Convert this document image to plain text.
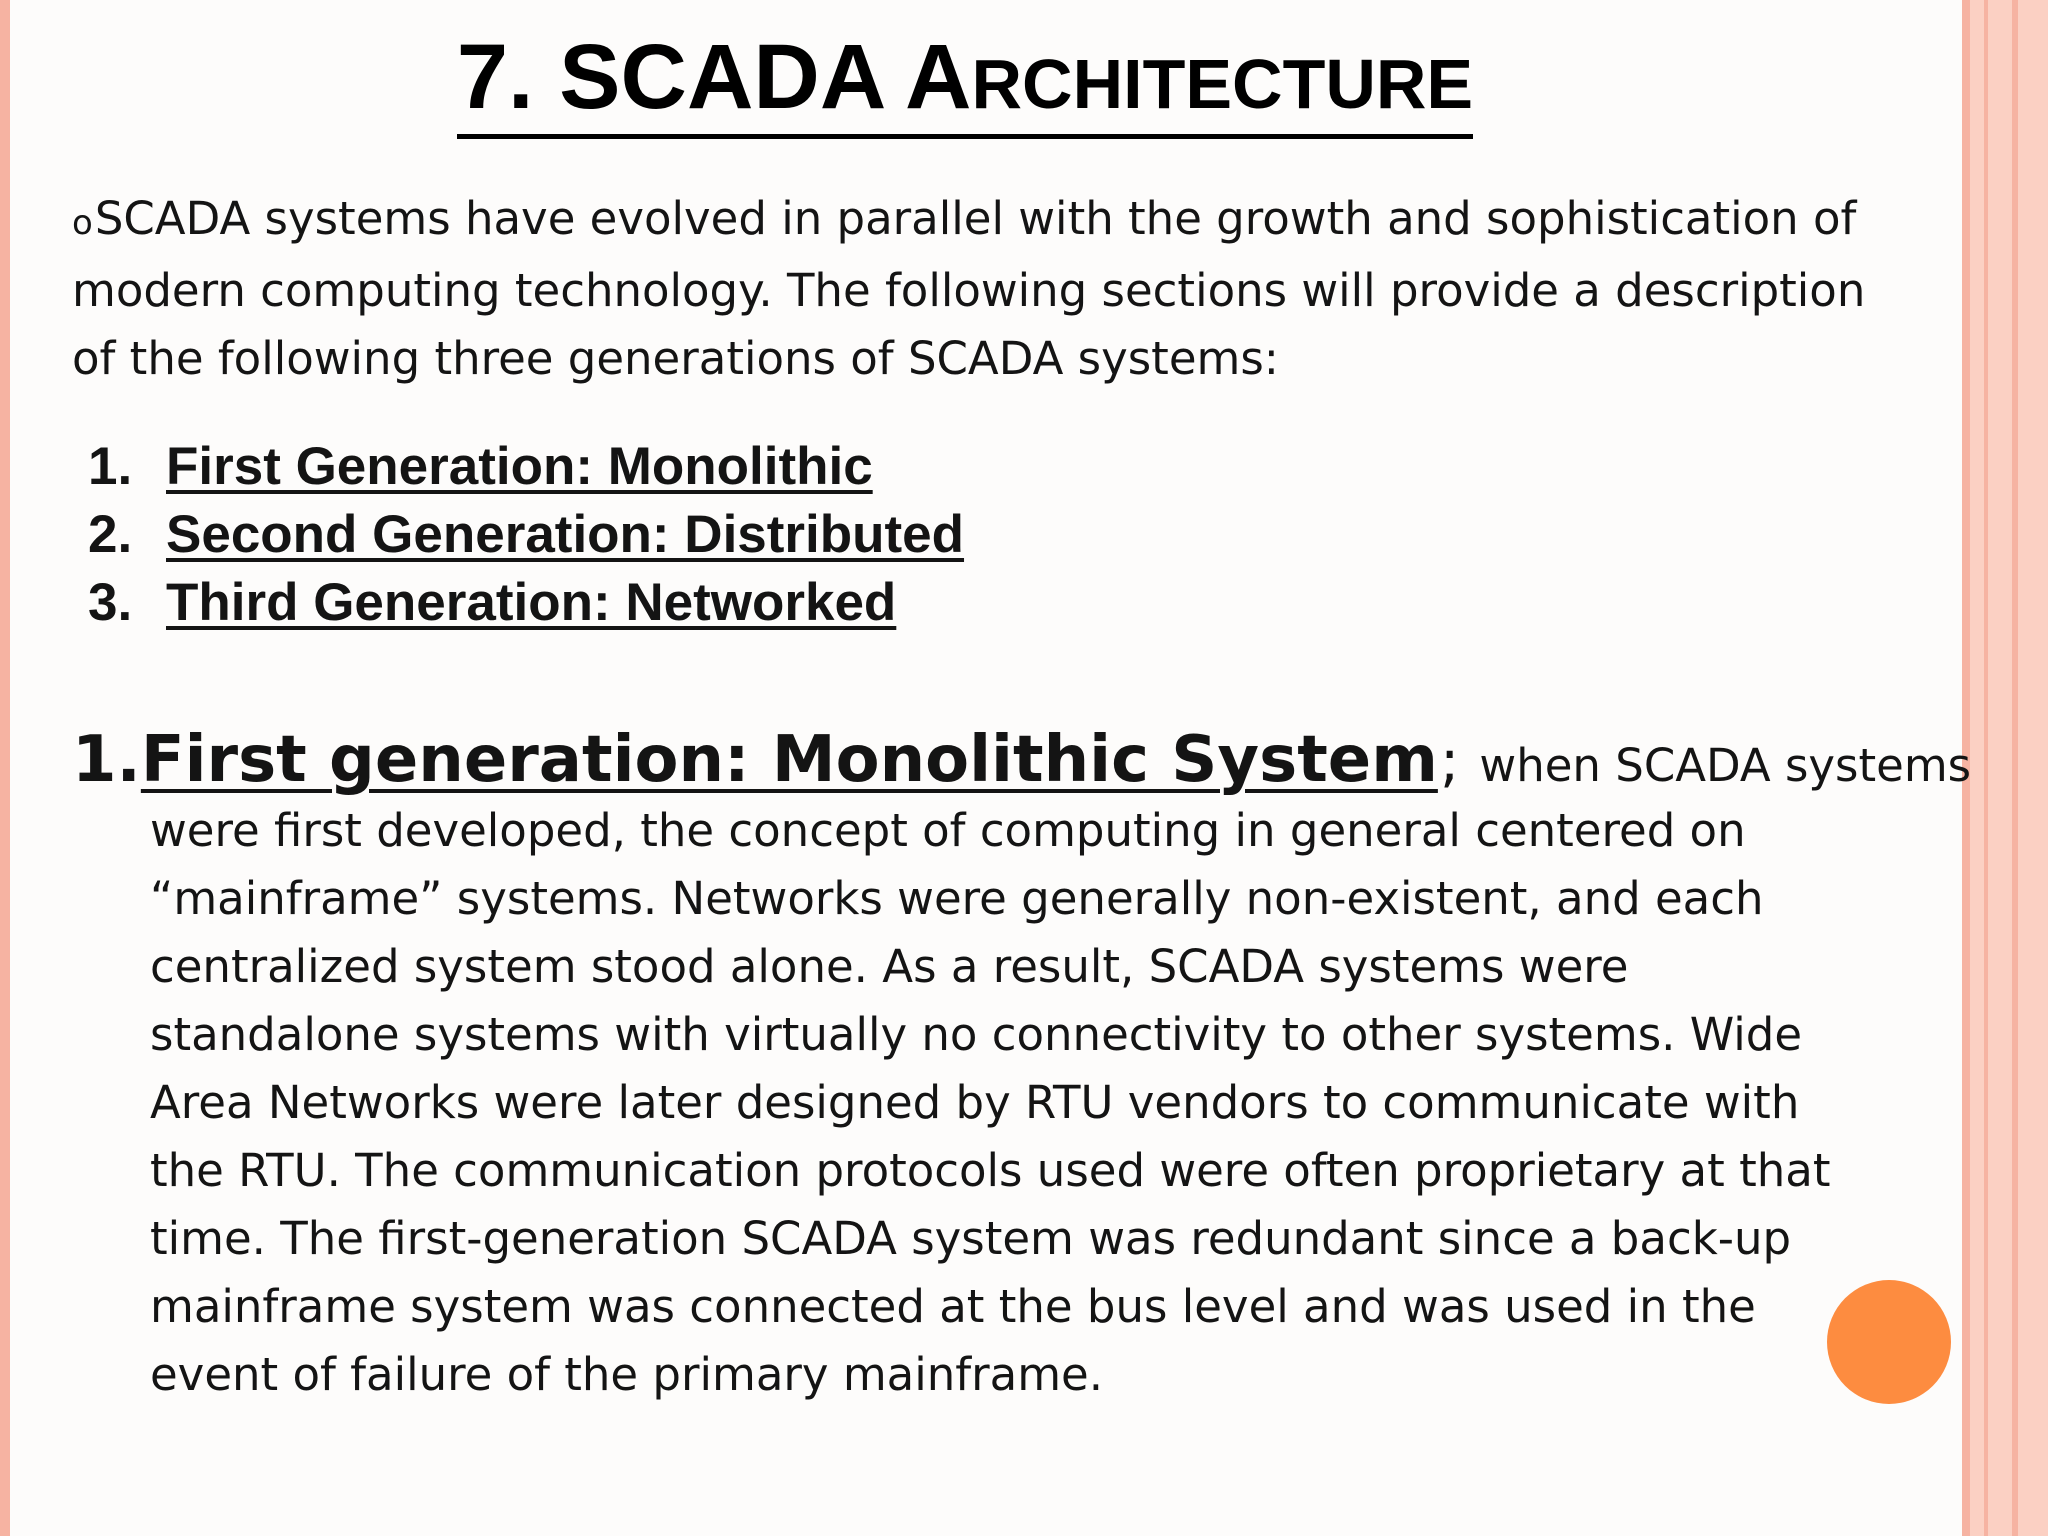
7. SCADA ARCHITECTURE

oSCADA systems have evolved in parallel with the growth and sophistication of modern computing technology. The following sections will provide a description of the following three generations of SCADA systems:

1. First Generation: Monolithic
2. Second Generation: Distributed
3. Third Generation: Networked
1. First generation: Monolithic System ; when SCADA systems
were first developed, the concept of computing in general centered on “mainframe” systems. Networks were generally non-existent, and each centralized system stood alone. As a result, SCADA systems were standalone systems with virtually no connectivity to other systems. Wide Area Networks were later designed by RTU vendors to communicate with the RTU. The communication protocols used were often proprietary at that time. The first-generation SCADA system was redundant since a back-up mainframe system was connected at the bus level and was used in the event of failure of the primary mainframe.
